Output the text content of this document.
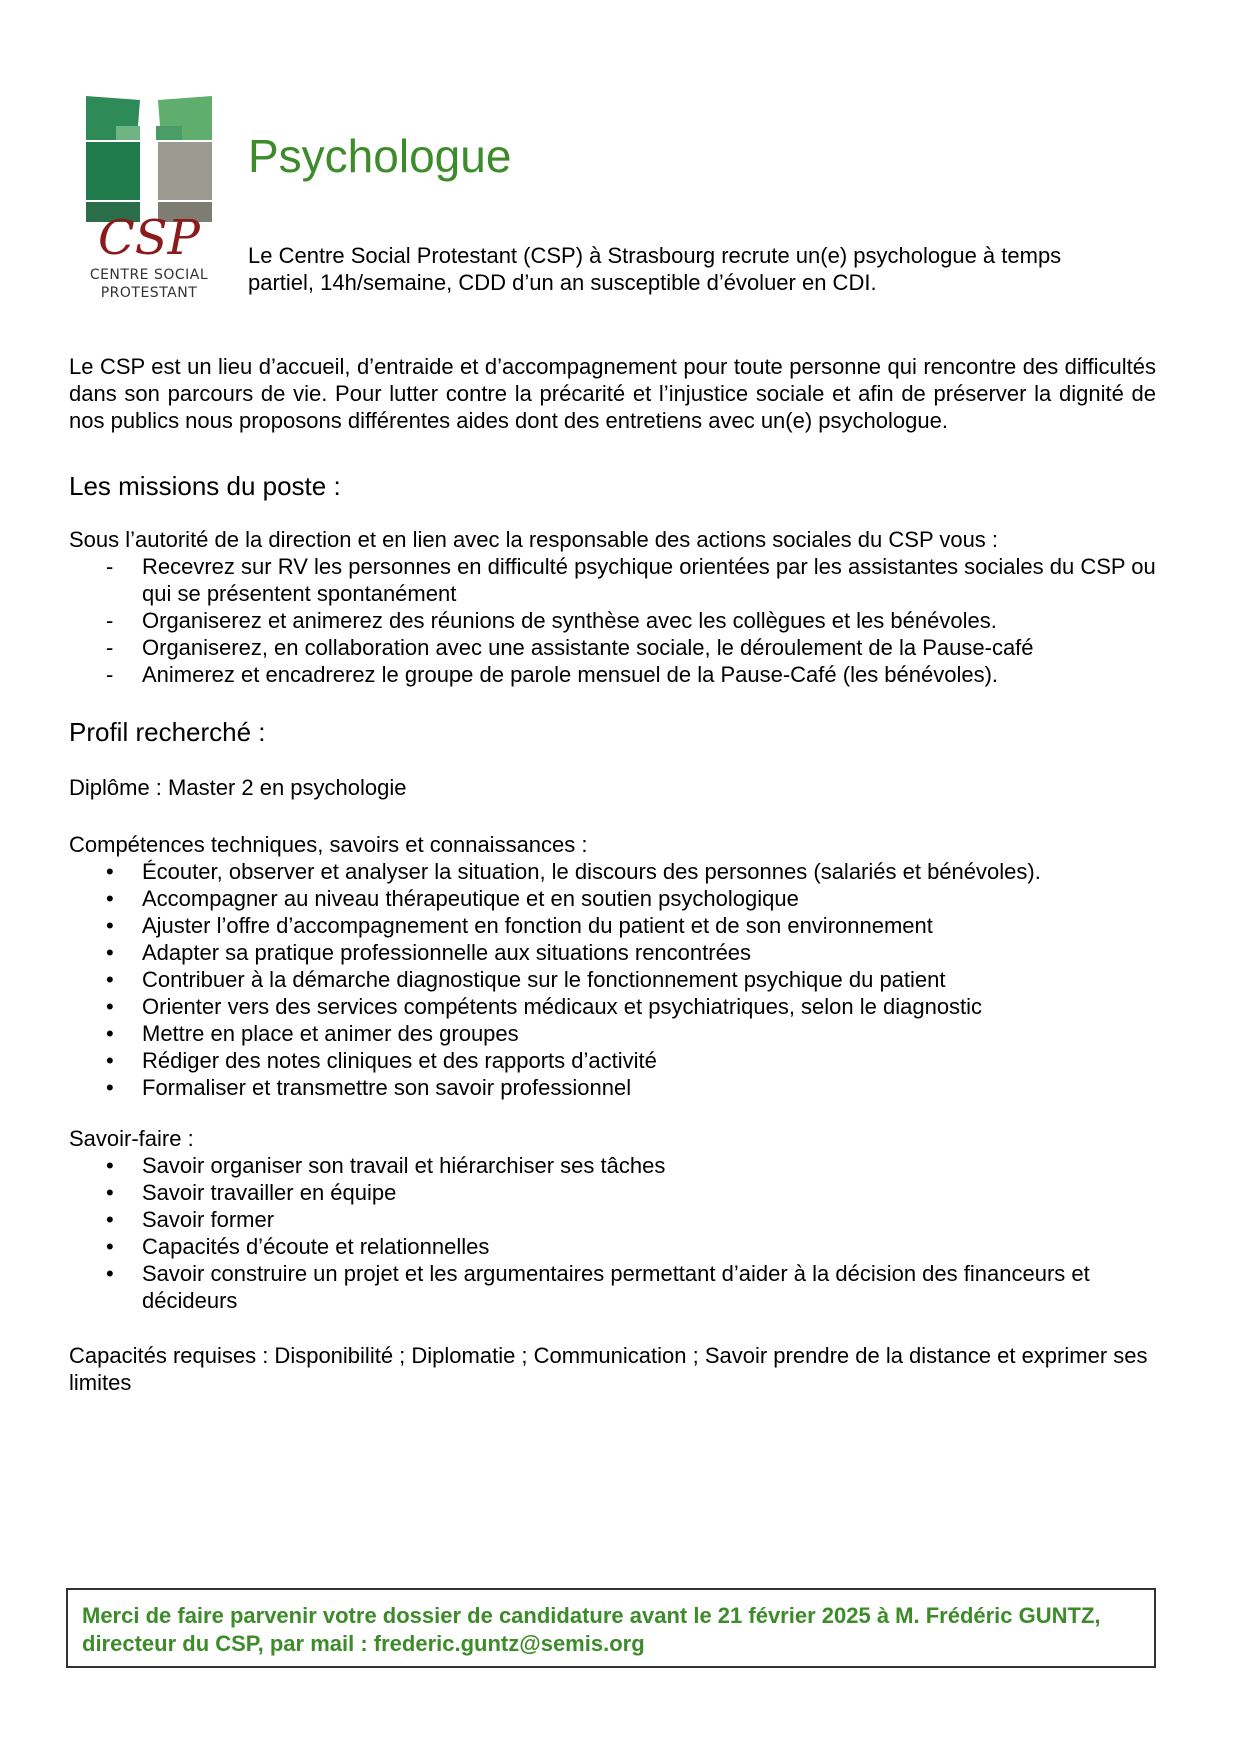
CSP
CENTRE SOCIAL
PROTESTANT
Psychologue

Le Centre Social Protestant (CSP) à Strasbourg recrute un(e) psychologue à temps partiel, 14h/semaine, CDD d’un an susceptible d’évoluer en CDI.

Le CSP est un lieu d’accueil, d’entraide et d’accompagnement pour toute personne qui rencontre des difficultés dans son parcours de vie. Pour lutter contre la précarité et l’injustice sociale et afin de préserver la dignité de nos publics nous proposons différentes aides dont des entretiens avec un(e) psychologue.

Les missions du poste :

Sous l’autorité de la direction et en lien avec la responsable des actions sociales du CSP vous :

- Recevrez sur RV les personnes en difficulté psychique orientées par les assistantes sociales du CSP ou qui se présentent spontanément
- Organiserez et animerez des réunions de synthèse avec les collègues et les bénévoles.
- Organiserez, en collaboration avec une assistante sociale, le déroulement de la Pause-café
- Animerez et encadrerez le groupe de parole mensuel de la Pause-Café (les bénévoles).
Profil recherché :

Diplôme : Master 2 en psychologie

Compétences techniques, savoirs et connaissances :

• Écouter, observer et analyser la situation, le discours des personnes (salariés et bénévoles).
• Accompagner au niveau thérapeutique et en soutien psychologique
• Ajuster l’offre d’accompagnement en fonction du patient et de son environnement
• Adapter sa pratique professionnelle aux situations rencontrées
• Contribuer à la démarche diagnostique sur le fonctionnement psychique du patient
• Orienter vers des services compétents médicaux et psychiatriques, selon le diagnostic
• Mettre en place et animer des groupes
• Rédiger des notes cliniques et des rapports d’activité
• Formaliser et transmettre son savoir professionnel

Savoir-faire :

• Savoir organiser son travail et hiérarchiser ses tâches
• Savoir travailler en équipe
• Savoir former
• Capacités d’écoute et relationnelles
• Savoir construire un projet et les argumentaires permettant d’aider à la décision des financeurs et décideurs

Capacités requises : Disponibilité ; Diplomatie ; Communication ; Savoir prendre de la distance et exprimer ses limites

Merci de faire parvenir votre dossier de candidature avant le 21 février 2025 à M. Frédéric GUNTZ, directeur du CSP, par mail : frederic.guntz@semis.org
